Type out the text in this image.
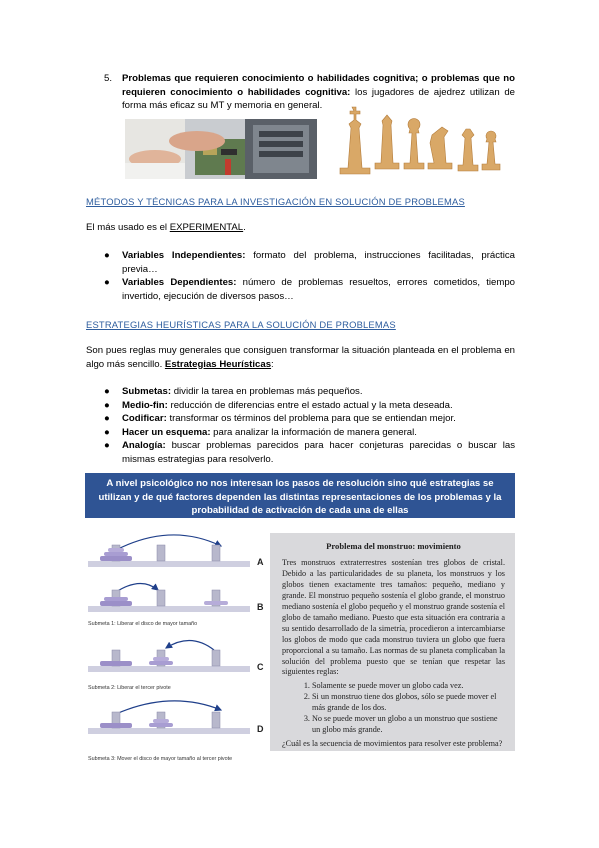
5.	Problemas que requieren conocimiento o habilidades cognitiva; o problemas que no requieren conocimiento o habilidades cognitiva: los jugadores de ajedrez utilizan de forma más eficaz su MT y memoria en general.
MÉTODOS Y TÉCNICAS PARA LA INVESTIGACIÓN EN SOLUCIÓN DE PROBLEMAS
El más usado es el EXPERIMENTAL.
● Variables Independientes: formato del problema, instrucciones facilitadas, práctica previa…
● Variables Dependientes: número de problemas resueltos, errores cometidos, tiempo invertido, ejecución de diversos pasos…
ESTRATEGIAS HEURÍSTICAS PARA LA SOLUCIÓN DE PROBLEMAS
Son pues reglas muy generales que consiguen transformar la situación planteada en el problema en algo más sencillo. Estrategias Heurísticas:
● Submetas: dividir la tarea en problemas más pequeños.
● Medio-fin: reducción de diferencias entre el estado actual y la meta deseada.
● Codificar: transformar os términos del problema para que se entiendan mejor.
● Hacer un esquema: para analizar la información de manera general.
● Analogía: buscar problemas parecidos para hacer conjeturas parecidas o buscar las mismas estrategias para resolverlo.
A nivel psicológico no nos interesan los pasos de resolución sino qué estrategias se utilizan y de qué factores dependen las distintas representaciones de los problemas y la probabilidad de activación de cada una de ellas
Submeta 1: Liberar el disco de mayor tamaño
Submeta 2: Liberar el tercer pivote
Submeta 3: Mover el disco de mayor tamaño al tercer pivote
A
B
C
D
Problema del monstruo: movimiento
Tres monstruos extraterrestres sostenían tres globos de cristal. Debido a las particularidades de su planeta, los monstruos y los globos tienen exactamente tres tamaños: pequeño, mediano y grande. El monstruo pequeño sostenía el globo grande, el monstruo mediano sostenía el globo pequeño y el monstruo grande sostenía el globo de tamaño mediano. Puesto que esta situación era contraria a su sentido desarrollado de la simetría, procedieron a intercambiarse los globos de modo que cada monstruo tuviera un globo que fuera proporcional a su tamaño. Las normas de su planeta complicaban la solución del problema puesto que se tenían que respetar las siguientes reglas:
1. Solamente se puede mover un globo cada vez.
2. Si un monstruo tiene dos globos, sólo se puede mover el más grande de los dos.
3. No se puede mover un globo a un monstruo que sostiene un globo más grande.
¿Cuál es la secuencia de movimientos para resolver este problema?
